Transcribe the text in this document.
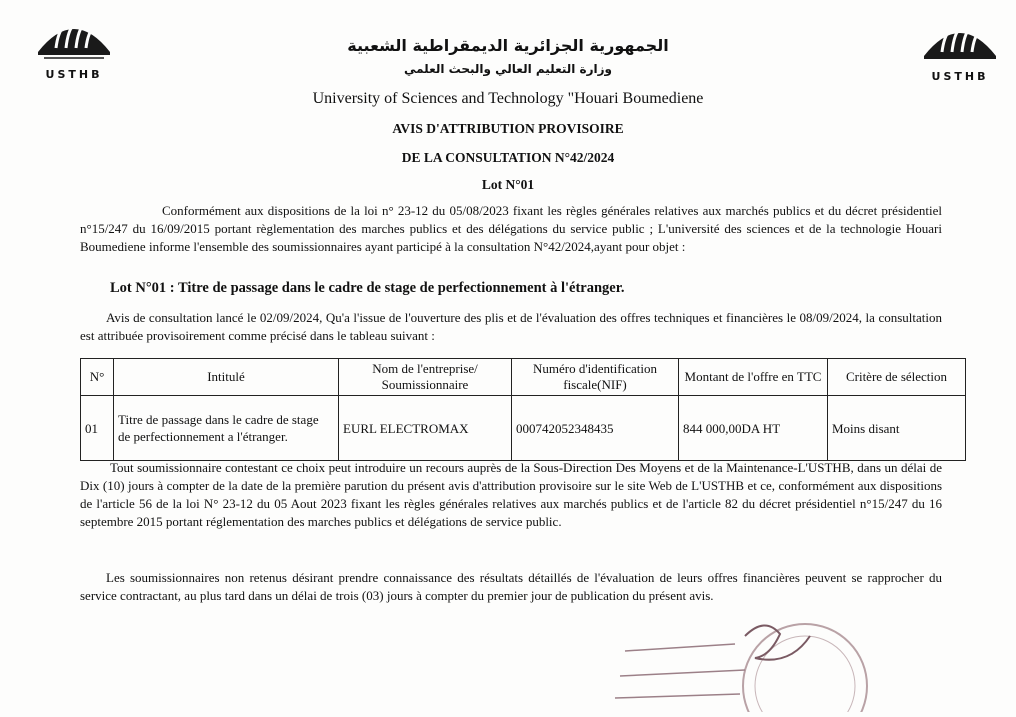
USTHB	USTHB
الجمهورية الجزائرية الديمقراطية الشعبية
وزارة التعليم العالي والبحث العلمي
University of Sciences and Technology "Houari Boumediene
AVIS D'ATTRIBUTION PROVISOIRE
DE LA CONSULTATION N°42/2024
Lot N°01
Conformément aux dispositions de la loi n° 23-12 du 05/08/2023 fixant les règles générales relatives aux marchés publics et du décret présidentiel n°15/247 du 16/09/2015 portant règlementation des marches publics et des délégations du service public ; L'université des sciences et de la technologie Houari Boumediene informe l'ensemble des soumissionnaires ayant participé à la consultation N°42/2024,ayant pour objet :
Lot N°01 : Titre de passage dans le cadre de stage de perfectionnement à l'étranger.
Avis de consultation lancé le 02/09/2024, Qu'a l'issue de l'ouverture des plis et de l'évaluation des offres techniques et financières le 08/09/2024, la consultation est attribuée provisoirement comme précisé dans le tableau suivant :
N°	Intitulé	Nom de l'entreprise/ Soumissionnaire	Numéro d'identification fiscale(NIF)	Montant de l'offre en TTC	Critère de sélection
01	Titre de passage dans le cadre de stage de perfectionnement a l'étranger.	EURL ELECTROMAX	000742052348435	844 000,00DA HT	Moins disant
Tout soumissionnaire contestant ce choix peut introduire un recours auprès de la Sous-Direction Des Moyens et de la Maintenance-L'USTHB, dans un délai de Dix (10) jours à compter de la date de la première parution du présent avis d'attribution provisoire sur le site Web de L'USTHB et ce, conformément aux dispositions de l'article 56 de la loi N° 23-12 du 05 Aout 2023 fixant les règles générales relatives aux marchés publics et de l'article 82 du décret présidentiel n°15/247 du 16 septembre 2015 portant réglementation des marches publics et délégations de service public.
Les soumissionnaires non retenus désirant prendre connaissance des résultats détaillés de l'évaluation de leurs offres financières peuvent se rapprocher du service contractant, au plus tard dans un délai de trois (03) jours à compter du premier jour de publication du présent avis.
